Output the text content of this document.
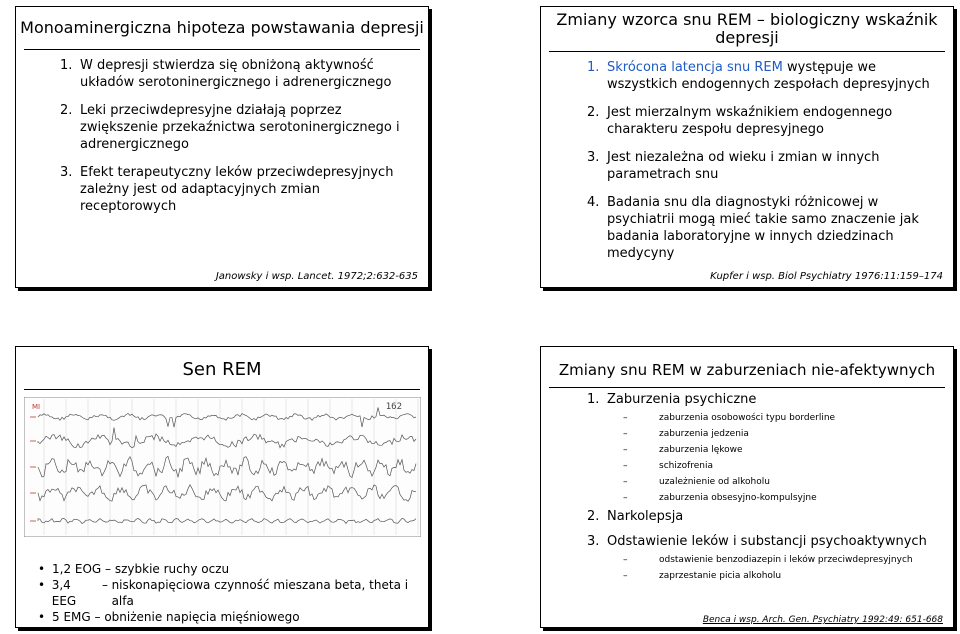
Monoaminergiczna hipoteza powstawania depresji
1. W depresji stwierdza się obniżoną aktywność układów serotoninergicznego i adrenergicznego
2. Leki przeciwdepresyjne działają poprzez zwiększenie przekaźnictwa serotoninergicznego i adrenergicznego
3. Efekt terapeutyczny leków przeciwdepresyjnych zależny jest od adaptacyjnych zmian receptorowych
Janowsky i wsp. Lancet. 1972;2:632-635
Zmiany wzorca snu REM – biologiczny wskaźnik depresji
1. Skrócona latencja snu REM występuje we wszystkich endogennych zespołach depresyjnych
2. Jest mierzalnym wskaźnikiem endogennego charakteru zespołu depresyjnego
3. Jest niezależna od wieku i zmian w innych parametrach snu
4. Badania snu dla diagnostyki różnicowej w psychiatrii mogą mieć takie samo znaczenie jak badania laboratoryjne w innych dziedzinach medycyny
Kupfer i wsp. Biol Psychiatry 1976:11:159–174
Sen REM
MI	162
• 1,2 EOG – szybkie ruchy oczu
• 3,4 EEG
–
niskonapięciowa czynność mieszana beta, theta i alfa
• 5 EMG – obniżenie napięcia mięśniowego
Zmiany snu REM w zaburzeniach nie-afektywnych
1. Zaburzenia psychiczne
–	zaburzenia osobowości typu borderline
–	zaburzenia jedzenia
–	zaburzenia lękowe
–	schizofrenia
–	uzależnienie od alkoholu
–	zaburzenia obsesyjno-kompulsyjne
2. Narkolepsja
3. Odstawienie leków i substancji psychoaktywnych
–	odstawienie benzodiazepin i leków przeciwdepresyjnych
–	zaprzestanie picia alkoholu
Benca i wsp. Arch. Gen. Psychiatry 1992:49: 651-668
